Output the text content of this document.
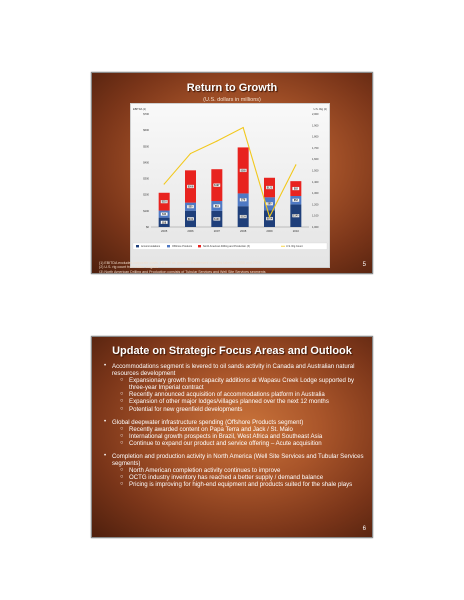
Return to Growth
(U.S. dollars in millions)
EBITDA (1)	U.S. Rig (2)
$0
$100
$200
$300
$400
$500
$600
$700
1,000
1,100
1,200
1,300
1,400
1,500
1,600
1,700
1,800
1,900
2,000
$58
$44
$110
2005
$101
$50
$200
2006
$100
$61
$197
2007
$129
$79
$285
2008
$104
$80
$121
2009
$140
$52
$92
2010
Accommodations	Offshore Products	North American Drilling and Production (3)	U.S. Rig Count
(1) EBITDA excludes corporate costs, as well as goodwill impairment charges taken in 2008 and 2009
(2) U.S. rig count from Baker Hughes
(3) North American Drilling and Production consists of Tubular Services and Well Site Services segments
5
Update on Strategic Focus Areas and Outlook
• Accommodations segment is levered to oil sands activity in Canada and Australian natural resources development
○ Expansionary growth from capacity additions at Wapasu Creek Lodge supported by three-year Imperial contract
○ Recently announced acquisition of accommodations platform in Australia
○ Expansion of other major lodges/villages planned over the next 12 months
○ Potential for new greenfield developments
• Global deepwater infrastructure spending (Offshore Products segment)
○ Recently awarded content on Papa Terra and Jack / St. Malo
○ International growth prospects in Brazil, West Africa and Southeast Asia
○ Continue to expand our product and service offering – Acute acquisition
• Completion and production activity in North America (Well Site Services and Tubular Services segments)
○ North American completion activity continues to improve
○ OCTG industry inventory has reached a better supply / demand balance
○ Pricing is improving for high-end equipment and products suited for the shale plays
6
